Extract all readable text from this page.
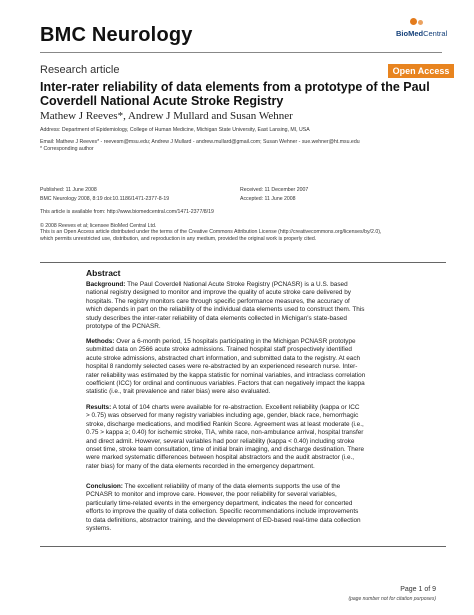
BMC Neurology	BioMedCentral
Research article	Open Access
Inter-rater reliability of data elements from a prototype of the Paul
Coverdell National Acute Stroke Registry
Mathew J Reeves*, Andrew J Mullard and Susan Wehner
Address: Department of Epidemiology, College of Human Medicine, Michigan State University, East Lansing, MI, USA
Email: Mathew J Reeves* - reevesm@msu.edu; Andrew J Mullard - andrew.mullard@gmail.com; Susan Wehner - sue.wehner@ht.msu.edu
* Corresponding author
Published: 11 June 2008
BMC Neurology 2008, 8:19 doi:10.1186/1471-2377-8-19
Received: 11 December 2007
Accepted: 11 June 2008
This article is available from: http://www.biomedcentral.com/1471-2377/8/19
© 2008 Reeves et al; licensee BioMed Central Ltd.
This is an Open Access article distributed under the terms of the Creative Commons Attribution License (http://creativecommons.org/licenses/by/2.0),
which permits unrestricted use, distribution, and reproduction in any medium, provided the original work is properly cited.
Abstract
Background: The Paul Coverdell National Acute Stroke Registry (PCNASR) is a U.S. based
national registry designed to monitor and improve the quality of acute stroke care delivered by
hospitals. The registry monitors care through specific performance measures, the accuracy of
which depends in part on the reliability of the individual data elements used to construct them. This
study describes the inter-rater reliability of data elements collected in Michigan's state-based
prototype of the PCNASR.
Methods: Over a 6-month period, 15 hospitals participating in the Michigan PCNASR prototype
submitted data on 2566 acute stroke admissions. Trained hospital staff prospectively identified
acute stroke admissions, abstracted chart information, and submitted data to the registry. At each
hospital 8 randomly selected cases were re-abstracted by an experienced research nurse. Inter-
rater reliability was estimated by the kappa statistic for nominal variables, and intraclass correlation
coefficient (ICC) for ordinal and continuous variables. Factors that can negatively impact the kappa
statistic (i.e., trait prevalence and rater bias) were also evaluated.
Results: A total of 104 charts were available for re-abstraction. Excellent reliability (kappa or ICC
> 0.75) was observed for many registry variables including age, gender, black race, hemorrhagic
stroke, discharge medications, and modified Rankin Score. Agreement was at least moderate (i.e.,
0.75 > kappa ≥; 0.40) for ischemic stroke, TIA, white race, non-ambulance arrival, hospital transfer
and direct admit. However, several variables had poor reliability (kappa < 0.40) including stroke
onset time, stroke team consultation, time of initial brain imaging, and discharge destination. There
were marked systematic differences between hospital abstractors and the audit abstractor (i.e.,
rater bias) for many of the data elements recorded in the emergency department.
Conclusion: The excellent reliability of many of the data elements supports the use of the
PCNASR to monitor and improve care. However, the poor reliability for several variables,
particularly time-related events in the emergency department, indicates the need for concerted
efforts to improve the quality of data collection. Specific recommendations include improvements
to data definitions, abstractor training, and the development of ED-based real-time data collection
systems.
Page 1 of 9
(page number not for citation purposes)
